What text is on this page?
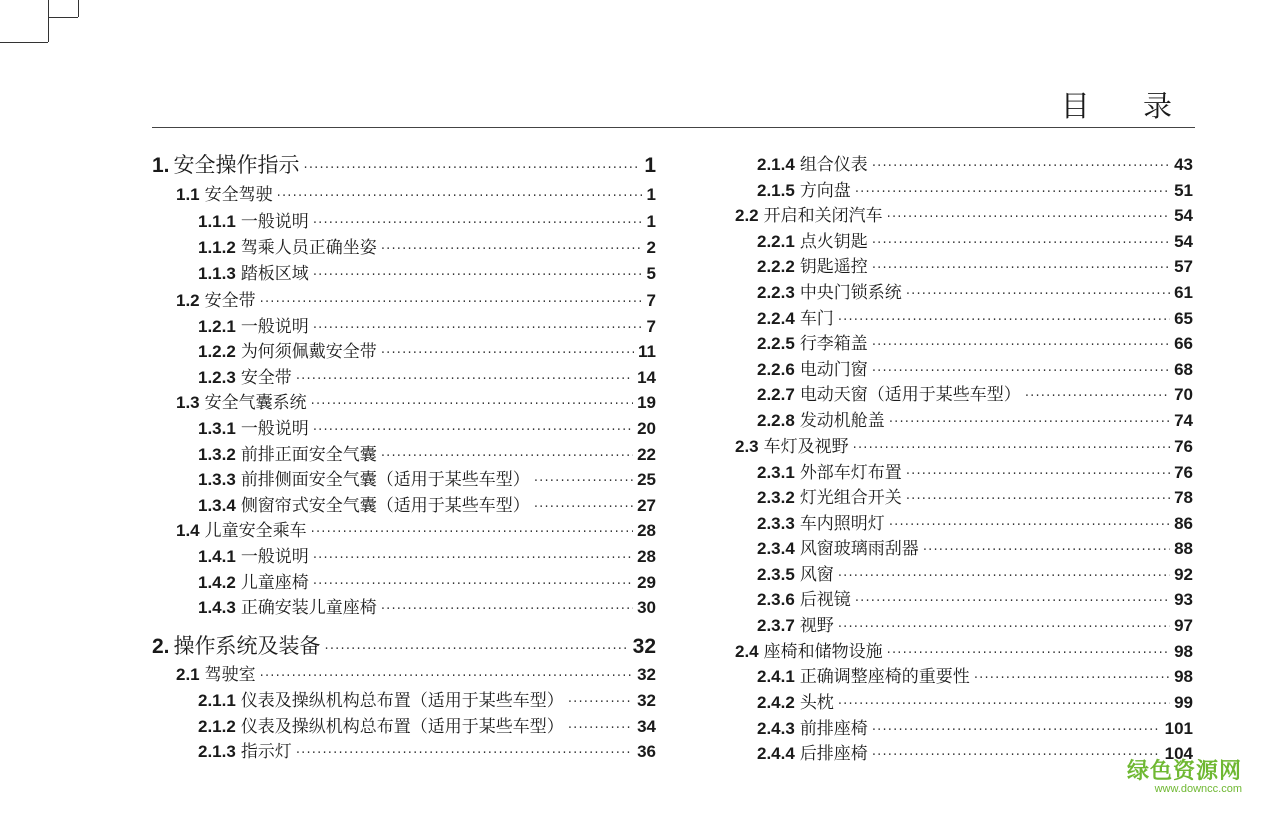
目 录
1. 安全操作指示 ·····	1
1.1 安全驾驶 ·····	1
1.1.1 一般说明 ·····	1
1.1.2 驾乘人员正确坐姿 ·····	2
1.1.3 踏板区域 ·····	5
1.2 安全带 ·····	7
1.2.1 一般说明 ·····	7
1.2.2 为何须佩戴安全带 ·····	11
1.2.3 安全带 ·····	14
1.3 安全气囊系统 ·····	19
1.3.1 一般说明 ·····	20
1.3.2 前排正面安全气囊 ·····	22
1.3.3 前排侧面安全气囊（适用于某些车型） ·····	25
1.3.4 侧窗帘式安全气囊（适用于某些车型） ·····	27
1.4 儿童安全乘车 ·····	28
1.4.1 一般说明 ·····	28
1.4.2 儿童座椅 ·····	29
1.4.3 正确安装儿童座椅 ·····	30
2. 操作系统及装备 ·····	32
2.1 驾驶室 ·····	32
2.1.1 仪表及操纵机构总布置（适用于某些车型） ·····	32
2.1.2 仪表及操纵机构总布置（适用于某些车型） ·····	34
2.1.3 指示灯 ·····	36
2.1.4 组合仪表 ·····	43
2.1.5 方向盘 ·····	51
2.2 开启和关闭汽车 ·····	54
2.2.1 点火钥匙 ·····	54
2.2.2 钥匙遥控 ·····	57
2.2.3 中央门锁系统 ·····	61
2.2.4 车门 ·····	65
2.2.5 行李箱盖 ·····	66
2.2.6 电动门窗 ·····	68
2.2.7 电动天窗（适用于某些车型） ·····	70
2.2.8 发动机舱盖 ·····	74
2.3 车灯及视野 ·····	76
2.3.1 外部车灯布置 ·····	76
2.3.2 灯光组合开关 ·····	78
2.3.3 车内照明灯 ·····	86
2.3.4 风窗玻璃雨刮器 ·····	88
2.3.5 风窗 ·····	92
2.3.6 后视镜 ·····	93
2.3.7 视野 ·····	97
2.4 座椅和储物设施 ·····	98
2.4.1 正确调整座椅的重要性 ·····	98
2.4.2 头枕 ·····	99
2.4.3 前排座椅 ·····	101
2.4.4 后排座椅 ·····	104
绿色资源网
www.downcc.com
